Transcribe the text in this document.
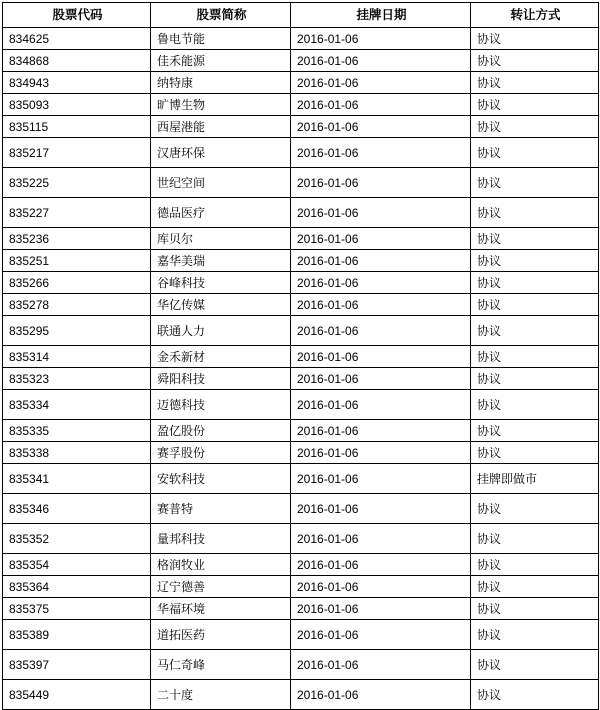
股票代码	股票简称	挂牌日期	转让方式
834625	鲁电节能	2016-01-06	协议
834868	佳禾能源	2016-01-06	协议
834943	纳特康	2016-01-06	协议
835093	旷博生物	2016-01-06	协议
835115	西屋港能	2016-01-06	协议
835217	汉唐环保	2016-01-06	协议
835225	世纪空间	2016-01-06	协议
835227	德品医疗	2016-01-06	协议
835236	库贝尔	2016-01-06	协议
835251	嘉华美瑞	2016-01-06	协议
835266	谷峰科技	2016-01-06	协议
835278	华亿传媒	2016-01-06	协议
835295	联通人力	2016-01-06	协议
835314	金禾新材	2016-01-06	协议
835323	舜阳科技	2016-01-06	协议
835334	迈德科技	2016-01-06	协议
835335	盈亿股份	2016-01-06	协议
835338	赛孚股份	2016-01-06	协议
835341	安软科技	2016-01-06	挂牌即做市
835346	赛普特	2016-01-06	协议
835352	量邦科技	2016-01-06	协议
835354	格润牧业	2016-01-06	协议
835364	辽宁德善	2016-01-06	协议
835375	华福环境	2016-01-06	协议
835389	道拓医药	2016-01-06	协议
835397	马仁奇峰	2016-01-06	协议
835449	二十度	2016-01-06	协议
